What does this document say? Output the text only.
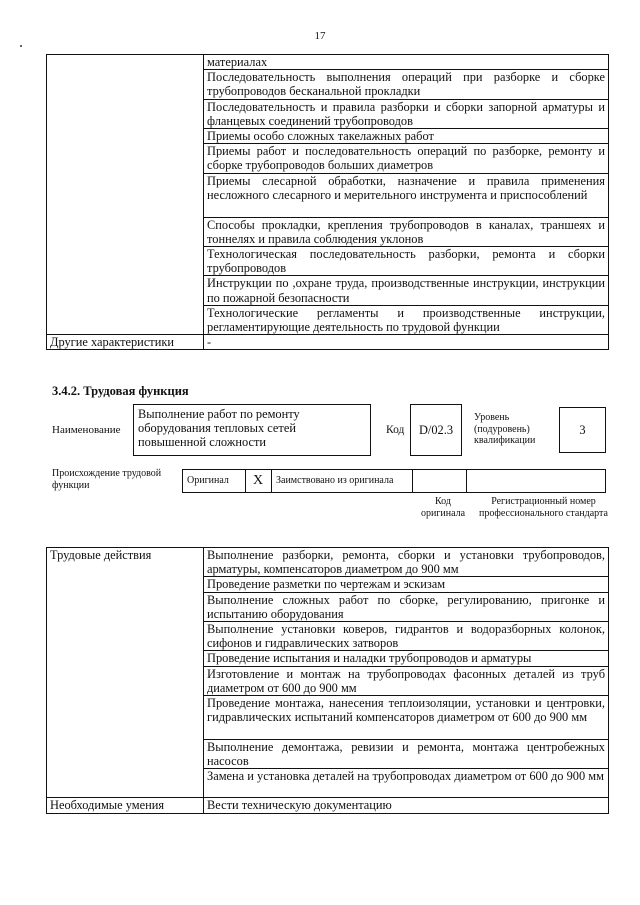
17
	материалах
	Последовательность выполнения операций при разборке и сборке трубопроводов бесканальной прокладки
	Последовательность и правила разборки и сборки запорной арматуры и фланцевых соединений трубопроводов
	Приемы особо сложных такелажных работ
	Приемы работ и последовательность операций по разборке, ремонту и сборке трубопроводов больших диаметров
	Приемы слесарной обработки, назначение и правила применения несложного слесарного и мерительного инструмента и приспособлений
	Способы прокладки, крепления трубопроводов в каналах, траншеях и тоннелях и правила соблюдения уклонов
	Технологическая последовательность разборки, ремонта и сборки трубопроводов
	Инструкции по ,охране труда, производственные инструкции, инструкции по пожарной безопасности
	Технологические регламенты и производственные инструкции, регламентирующие деятельность по трудовой функции
Другие характеристики	-
3.4.2. Трудовая функция
Наименование
Выполнение работ по ремонту оборудования тепловых сетей повышенной сложности
Код	D/02.3
Уровень (подуровень) квалификации
3
Происхождение трудовой функции	Оригинал	X	Заимствовано из оригинала
Код оригинала
Регистрационный номер профессионального стандарта
Трудовые действия	Выполнение разборки, ремонта, сборки и установки трубопроводов, арматуры, компенсаторов диаметром до 900 мм
	Проведение разметки по чертежам и эскизам
	Выполнение сложных работ по сборке, регулированию, пригонке и испытанию оборудования
	Выполнение установки коверов, гидрантов и водоразборных колонок, сифонов и гидравлических затворов
	Проведение испытания и наладки трубопроводов и арматуры
	Изготовление и монтаж на трубопроводах фасонных деталей из труб диаметром от 600 до 900 мм
	Проведение монтажа, нанесения теплоизоляции, установки и центровки, гидравлических испытаний компенсаторов диаметром от 600 до 900 мм
	Выполнение демонтажа, ревизии и ремонта, монтажа центробежных насосов
	Замена и установка деталей на трубопроводах диаметром от 600 до 900 мм
Необходимые умения	Вести техническую документацию
